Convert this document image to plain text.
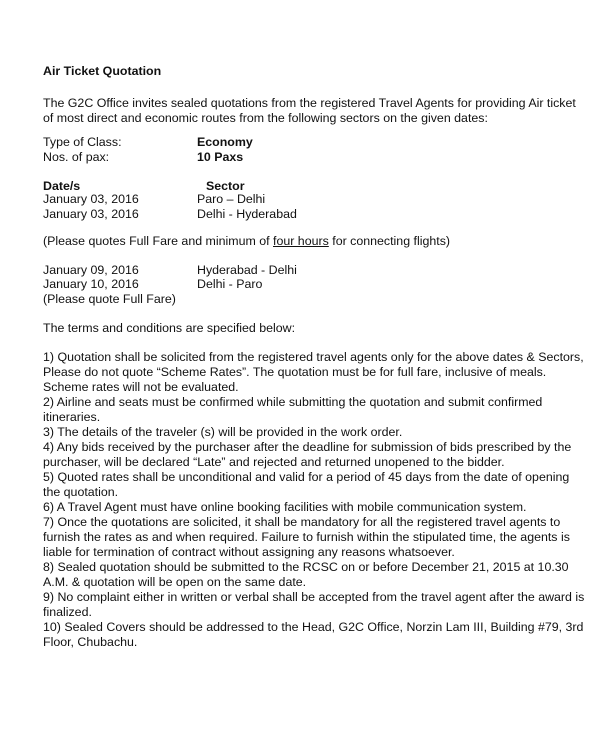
Air Ticket Quotation
The G2C Office invites sealed quotations from the registered Travel Agents for providing Air ticket
of most direct and economic routes from the following sectors on the given dates:
Type of Class:	Economy
Nos. of pax:	10 Paxs
Date/s	Sector
January 03, 2016	Paro – Delhi
January 03, 2016	Delhi - Hyderabad
(Please quotes Full Fare and minimum of four hours for connecting flights)
January 09, 2016	Hyderabad - Delhi
January 10, 2016	Delhi - Paro
(Please quote Full Fare)
The terms and conditions are specified below:
1) Quotation shall be solicited from the registered travel agents only for the above dates & Sectors,
Please do not quote “Scheme Rates”. The quotation must be for full fare, inclusive of meals.
Scheme rates will not be evaluated.
2) Airline and seats must be confirmed while submitting the quotation and submit confirmed
itineraries.
3) The details of the traveler (s) will be provided in the work order.
4) Any bids received by the purchaser after the deadline for submission of bids prescribed by the
purchaser, will be declared “Late” and rejected and returned unopened to the bidder.
5) Quoted rates shall be unconditional and valid for a period of 45 days from the date of opening
the quotation.
6) A Travel Agent must have online booking facilities with mobile communication system.
7) Once the quotations are solicited, it shall be mandatory for all the registered travel agents to
furnish the rates as and when required. Failure to furnish within the stipulated time, the agents is
liable for termination of contract without assigning any reasons whatsoever.
8) Sealed quotation should be submitted to the RCSC on or before December 21, 2015 at 10.30
A.M. & quotation will be open on the same date.
9) No complaint either in written or verbal shall be accepted from the travel agent after the award is
finalized.
10) Sealed Covers should be addressed to the Head, G2C Office, Norzin Lam III, Building #79, 3rd
Floor, Chubachu.
